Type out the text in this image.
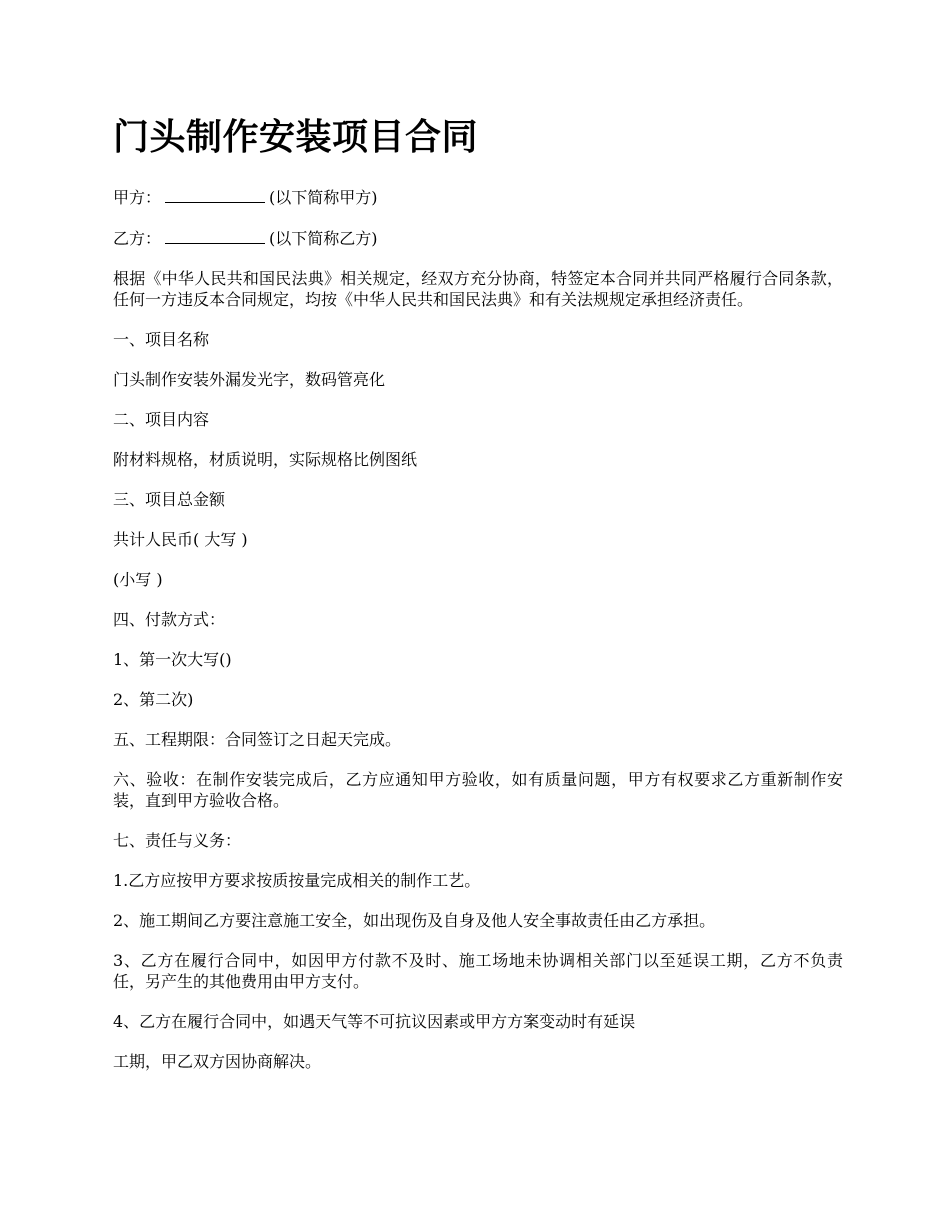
门头制作安装项目合同

甲方：	(以下简称甲方)

乙方：	(以下简称乙方)

根据《中华人民共和国民法典》相关规定，经双方充分协商，特签定本合同并共同严格履行合同条款，任何一方违反本合同规定，均按《中华人民共和国民法典》和有关法规规定承担经济责任。

一、项目名称

门头制作安装外漏发光字，数码管亮化

二、项目内容

附材料规格，材质说明，实际规格比例图纸

三、项目总金额

共计人民币( 大写 )

(小写 )

四、付款方式：

1、第一次大写()

2、第二次)

五、工程期限：合同签订之日起天完成。

六、验收：在制作安装完成后，乙方应通知甲方验收，如有质量问题，甲方有权要求乙方重新制作安装，直到甲方验收合格。

七、责任与义务：

1.乙方应按甲方要求按质按量完成相关的制作工艺。

2、施工期间乙方要注意施工安全，如出现伤及自身及他人安全事故责任由乙方承担。

3、乙方在履行合同中，如因甲方付款不及时、施工场地未协调相关部门以至延误工期，乙方不负责任，另产生的其他费用由甲方支付。

4、乙方在履行合同中，如遇天气等不可抗议因素或甲方方案变动时有延误

工期，甲乙双方因协商解决。
